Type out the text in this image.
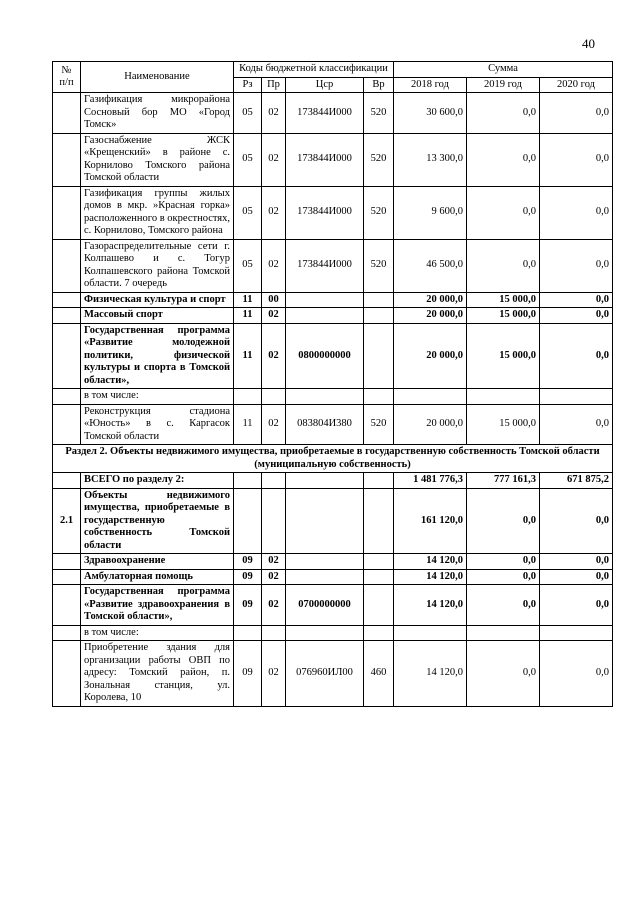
40
№ п/п	Наименование	Коды бюджетной классификации				Сумма		
		Рз	Пр	Цср	Вр	2018 год	2019 год	2020 год
	Газификация микрорайона Сосновый бор МО «Город Томск»	05	02	173844И000	520	30 600,0	0,0	0,0
	Газоснабжение ЖСК «Крещенский» в районе с. Корнилово Томского района Томской области	05	02	173844И000	520	13 300,0	0,0	0,0
	Газификация группы жилых домов в мкр. »Красная горка» расположенного в окрестностях, с. Корнилово, Томского района	05	02	173844И000	520	9 600,0	0,0	0,0
	Газораспределительные сети г. Колпашево и с. Тогур Колпашевского района Томской области. 7 очередь	05	02	173844И000	520	46 500,0	0,0	0,0
	Физическая культура и спорт	11	00			20 000,0	15 000,0	0,0
	Массовый спорт	11	02			20 000,0	15 000,0	0,0
	Государственная программа «Развитие молодежной политики, физической культуры и спорта в Томской области»,	11	02	0800000000		20 000,0	15 000,0	0,0
	в том числе:							
	Реконструкция стадиона «Юность» в с. Каргасок Томской области	11	02	083804И380	520	20 000,0	15 000,0	0,0
Раздел 2. Объекты недвижимого имущества, приобретаемые в государственную собственность Томской области (муниципальную собственность)								
	ВСЕГО по разделу 2:					1 481 776,3	777 161,3	671 875,2
2.1	Объекты недвижимого имущества, приобретаемые в государственную собственность Томской области					161 120,0	0,0	0,0
	Здравоохранение	09	02			14 120,0	0,0	0,0
	Амбулаторная помощь	09	02			14 120,0	0,0	0,0
	Государственная программа «Развитие здравоохранения в Томской области»,	09	02	0700000000		14 120,0	0,0	0,0
	в том числе:							
	Приобретение здания для организации работы ОВП по адресу: Томский район, п. Зональная станция, ул. Королева, 10	09	02	076960ИЛ00	460	14 120,0	0,0	0,0
